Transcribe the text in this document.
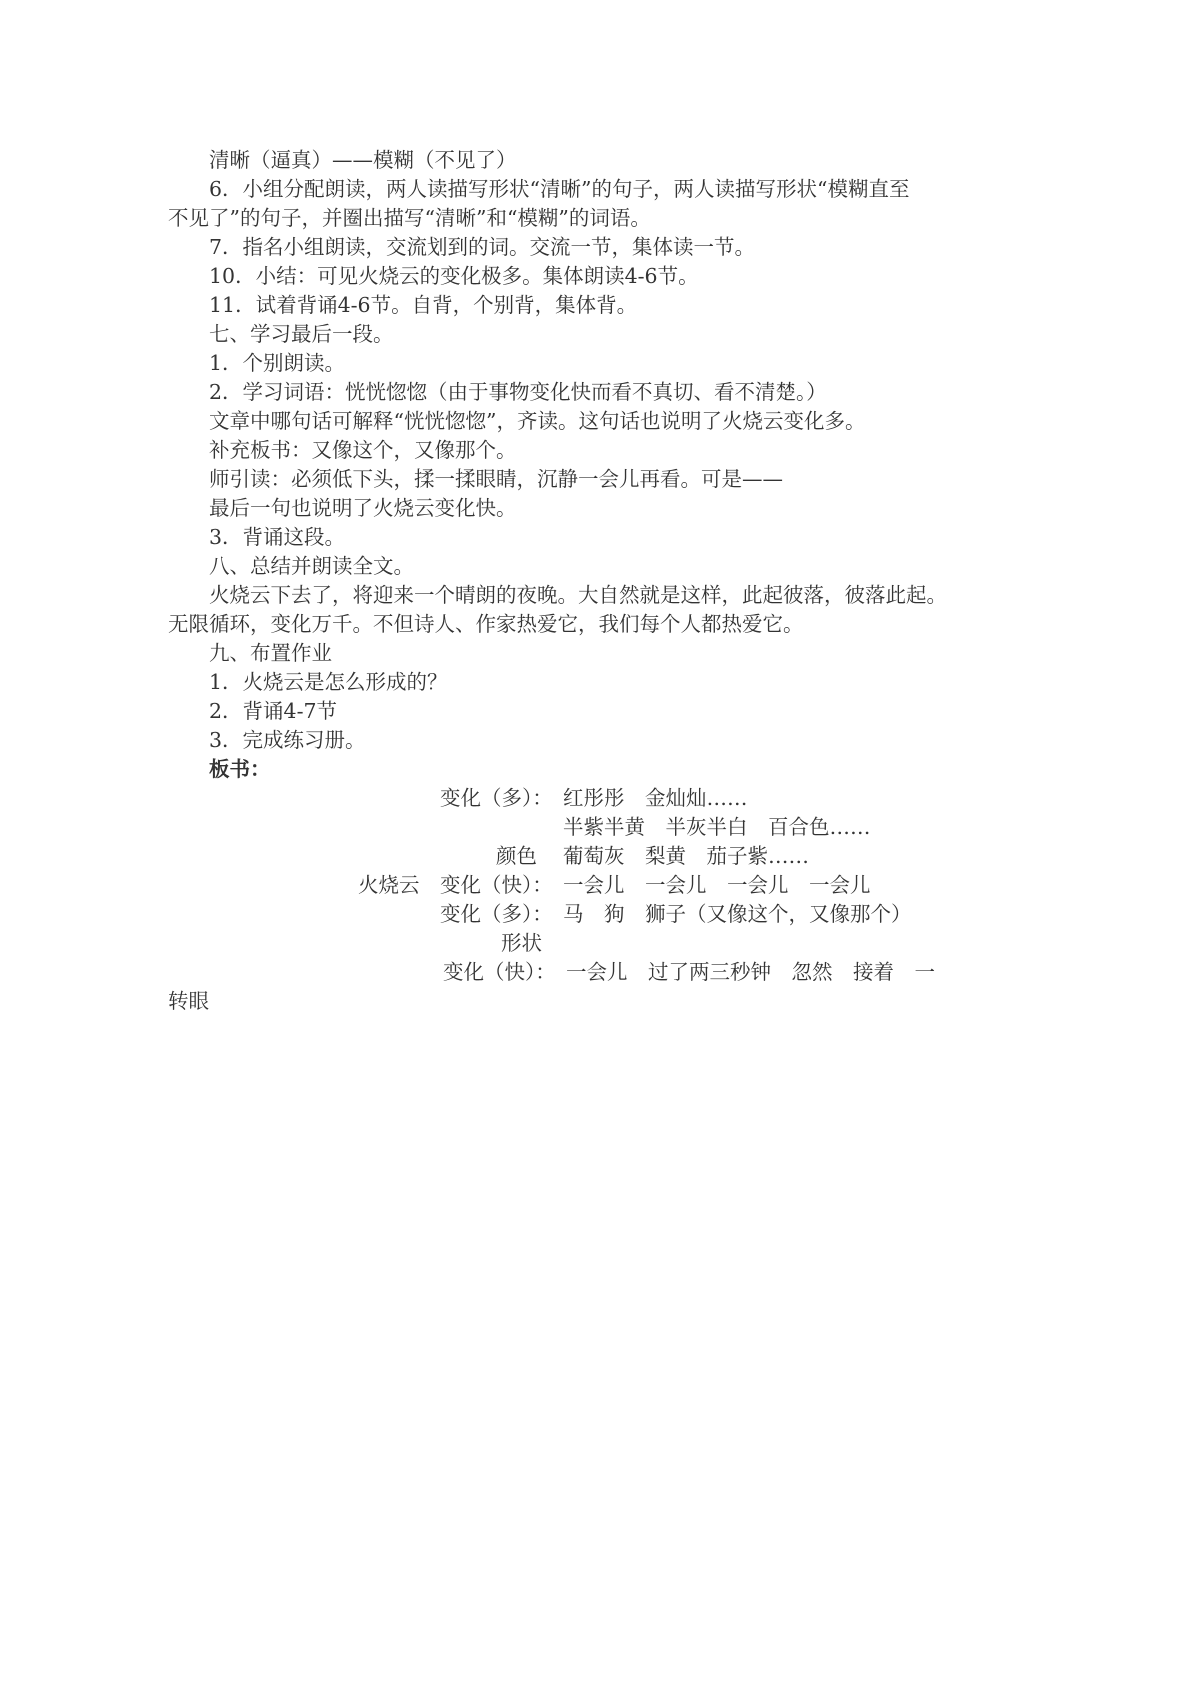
清晰（逼真）——模糊（不见了）
6．小组分配朗读，两人读描写形状“清晰”的句子，两人读描写形状“模糊直至
不见了”的句子，并圈出描写“清晰”和“模糊”的词语。
7．指名小组朗读，交流划到的词。交流一节，集体读一节。
10．小结：可见火烧云的变化极多。集体朗读4-6节。
11．试着背诵4-6节。自背，个别背，集体背。
七、学习最后一段。
1．个别朗读。
2．学习词语：恍恍惚惚（由于事物变化快而看不真切、看不清楚。）
文章中哪句话可解释“恍恍惚惚”，齐读。这句话也说明了火烧云变化多。
补充板书：又像这个，又像那个。
师引读：必须低下头，揉一揉眼睛，沉静一会儿再看。可是——
最后一句也说明了火烧云变化快。
3．背诵这段。
八、总结并朗读全文。
火烧云下去了，将迎来一个晴朗的夜晚。大自然就是这样，此起彼落，彼落此起。
无限循环，变化万千。不但诗人、作家热爱它，我们每个人都热爱它。
九、布置作业
1．火烧云是怎么形成的？
2．背诵4-7节
3．完成练习册。
板书：
变化（多）： 红彤彤　金灿灿……
半紫半黄　半灰半白　百合色……
颜色 葡萄灰　梨黄　茄子紫……
火烧云 变化（快）： 一会儿　一会儿　一会儿　一会儿
变化（多）： 马　狗　狮子（又像这个，又像那个）
形状
变化（快）： 一会儿　过了两三秒钟　忽然　接着　一
转眼
